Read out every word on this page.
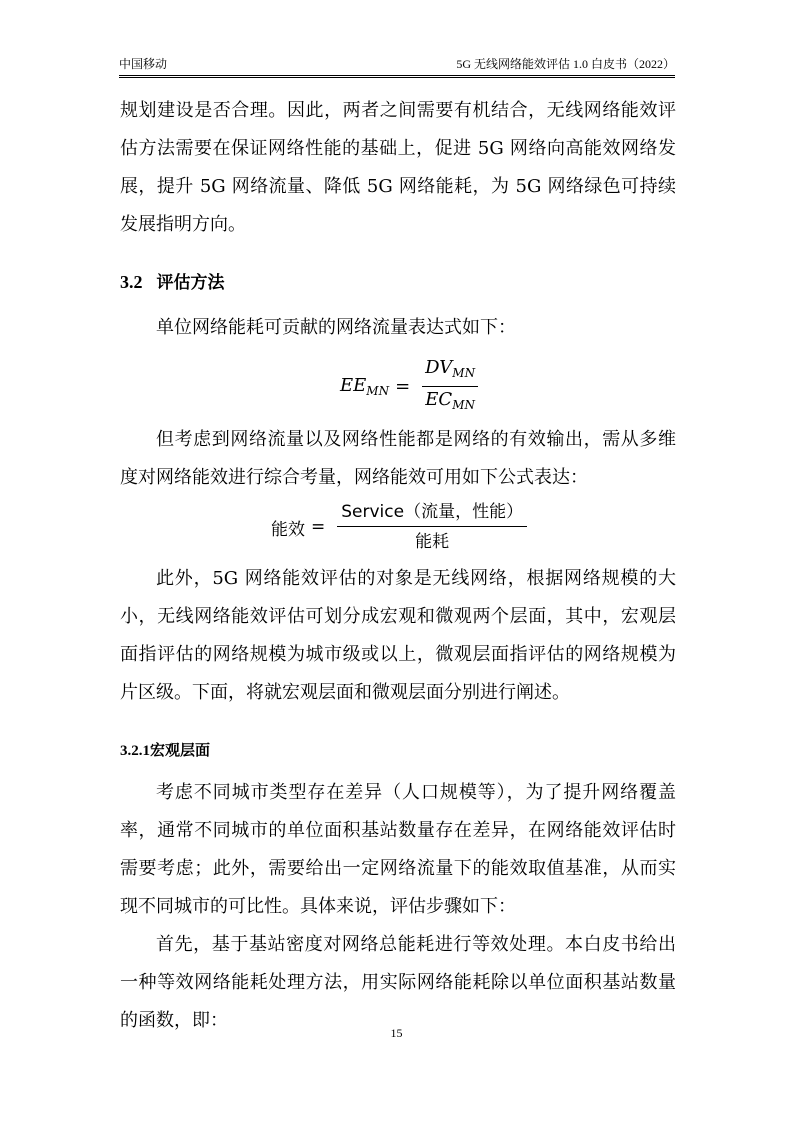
中国移动	5G 无线网络能效评估 1.0 白皮书（2022）

规划建设是否合理。因此，两者之间需要有机结合，无线网络能效评估方法需要在保证网络性能的基础上，促进 5G 网络向高能效网络发展，提升 5G 网络流量、降低 5G 网络能耗，为 5G 网络绿色可持续发展指明方向。

3.2 评估方法

单位网络能耗可贡献的网络流量表达式如下：

$EE_{MN} = \frac{DV_{MN}}{EC_{MN}}$

但考虑到网络流量以及网络性能都是网络的有效输出，需从多维度对网络能效进行综合考量，网络能效可用如下公式表达：

能效 = $\frac{\text{Service（流量，性能）}}{\text{能耗}}$

此外，5G 网络能效评估的对象是无线网络，根据网络规模的大小，无线网络能效评估可划分成宏观和微观两个层面，其中，宏观层面指评估的网络规模为城市级或以上，微观层面指评估的网络规模为片区级。下面，将就宏观层面和微观层面分别进行阐述。

3.2.1宏观层面

考虑不同城市类型存在差异（人口规模等），为了提升网络覆盖率，通常不同城市的单位面积基站数量存在差异，在网络能效评估时需要考虑；此外，需要给出一定网络流量下的能效取值基准，从而实现不同城市的可比性。具体来说，评估步骤如下：

首先，基于基站密度对网络总能耗进行等效处理。本白皮书给出一种等效网络能耗处理方法，用实际网络能耗除以单位面积基站数量的函数，即：

15
